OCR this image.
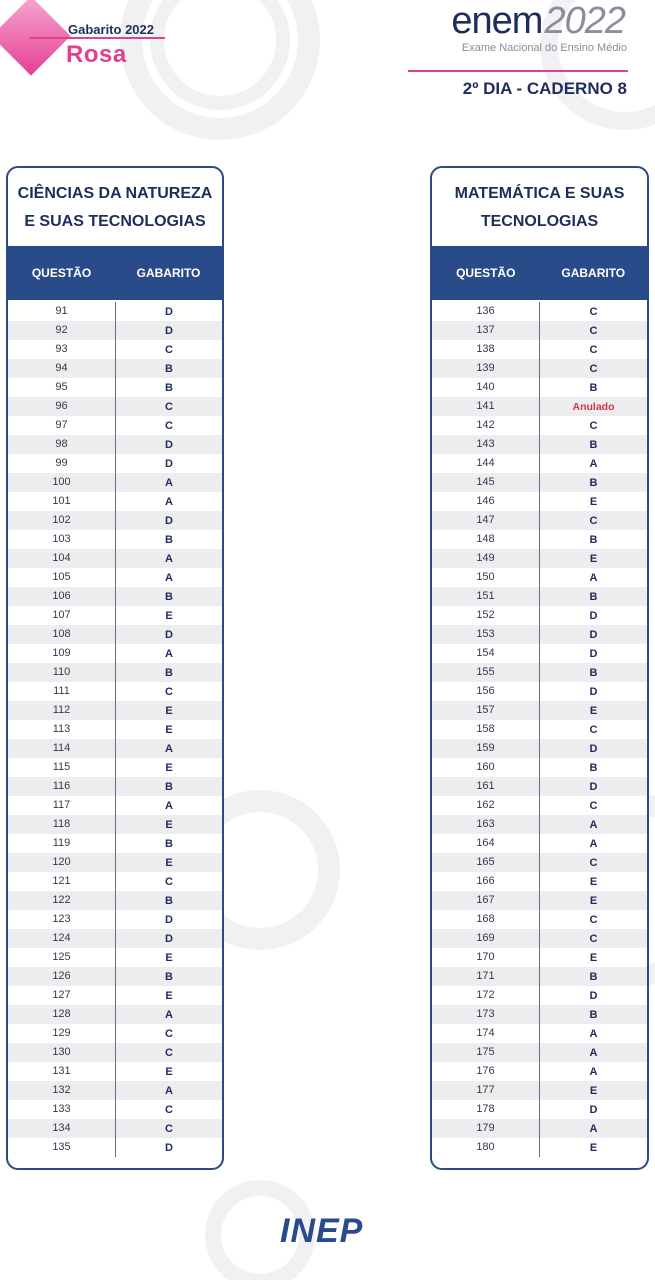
Gabarito 2022
Rosa
enem2022
Exame Nacional do Ensino Médio
2º DIA - CADERNO 8
CIÊNCIAS DA NATUREZA
E SUAS TECNOLOGIAS
QUESTÃO	GABARITO
91	D
92	D
93	C
94	B
95	B
96	C
97	C
98	D
99	D
100	A
101	A
102	D
103	B
104	A
105	A
106	B
107	E
108	D
109	A
110	B
111	C
112	E
113	E
114	A
115	E
116	B
117	A
118	E
119	B
120	E
121	C
122	B
123	D
124	D
125	E
126	B
127	E
128	A
129	C
130	C
131	E
132	A
133	C
134	C
135	D
MATEMÁTICA E SUAS
TECNOLOGIAS
QUESTÃO	GABARITO
136	C
137	C
138	C
139	C
140	B
141	Anulado
142	C
143	B
144	A
145	B
146	E
147	C
148	B
149	E
150	A
151	B
152	D
153	D
154	D
155	B
156	D
157	E
158	C
159	D
160	B
161	D
162	C
163	A
164	A
165	C
166	E
167	E
168	C
169	C
170	E
171	B
172	D
173	B
174	A
175	A
176	A
177	E
178	D
179	A
180	E
INEP
